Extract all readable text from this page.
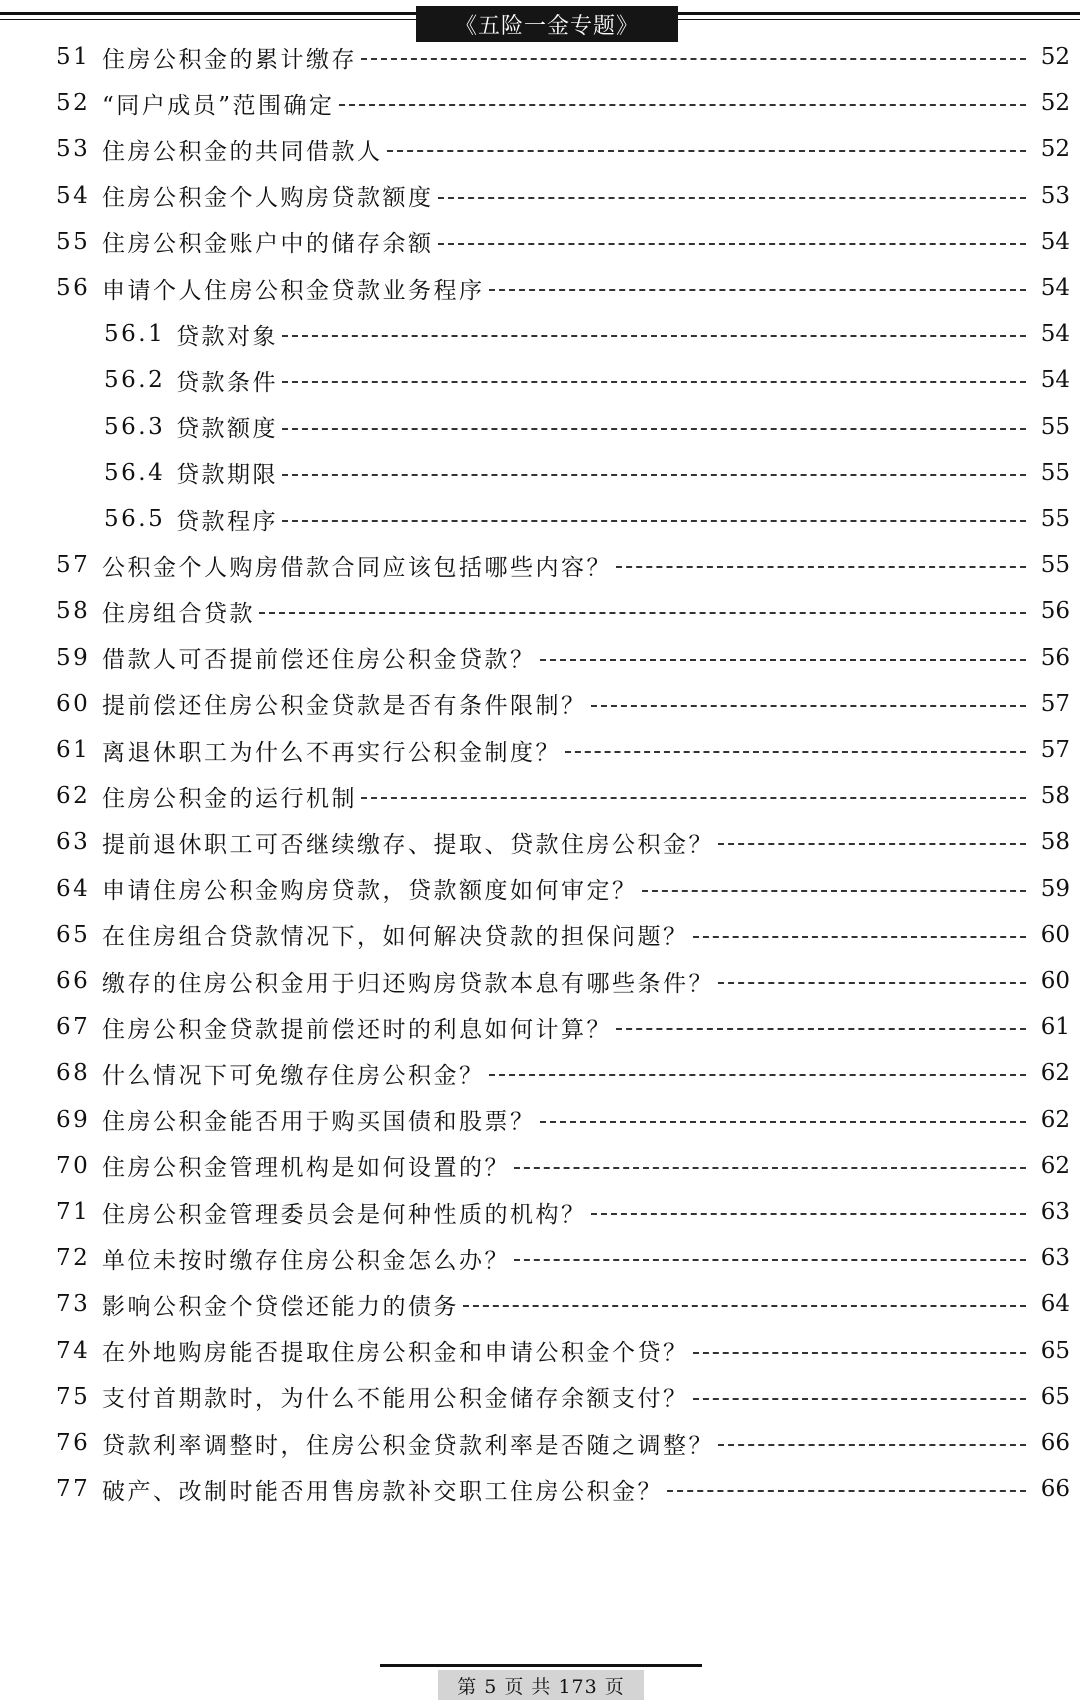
《五险一金专题》
51 住房公积金的累计缴存	52
52 “同户成员”范围确定	52
53 住房公积金的共同借款人	52
54 住房公积金个人购房贷款额度	53
55 住房公积金账户中的储存余额	54
56 申请个人住房公积金贷款业务程序	54
56.1 贷款对象	54
56.2 贷款条件	54
56.3 贷款额度	55
56.4 贷款期限	55
56.5 贷款程序	55
57 公积金个人购房借款合同应该包括哪些内容？	55
58 住房组合贷款	56
59 借款人可否提前偿还住房公积金贷款？	56
60 提前偿还住房公积金贷款是否有条件限制？	57
61 离退休职工为什么不再实行公积金制度？	57
62 住房公积金的运行机制	58
63 提前退休职工可否继续缴存、提取、贷款住房公积金？	58
64 申请住房公积金购房贷款，贷款额度如何审定？	59
65 在住房组合贷款情况下，如何解决贷款的担保问题？	60
66 缴存的住房公积金用于归还购房贷款本息有哪些条件？	60
67 住房公积金贷款提前偿还时的利息如何计算？	61
68 什么情况下可免缴存住房公积金？	62
69 住房公积金能否用于购买国债和股票？	62
70 住房公积金管理机构是如何设置的？	62
71 住房公积金管理委员会是何种性质的机构？	63
72 单位未按时缴存住房公积金怎么办？	63
73 影响公积金个贷偿还能力的债务	64
74 在外地购房能否提取住房公积金和申请公积金个贷？	65
75 支付首期款时，为什么不能用公积金储存余额支付？	65
76 贷款利率调整时，住房公积金贷款利率是否随之调整？	66
77 破产、改制时能否用售房款补交职工住房公积金？	66
第 5 页 共 173 页
